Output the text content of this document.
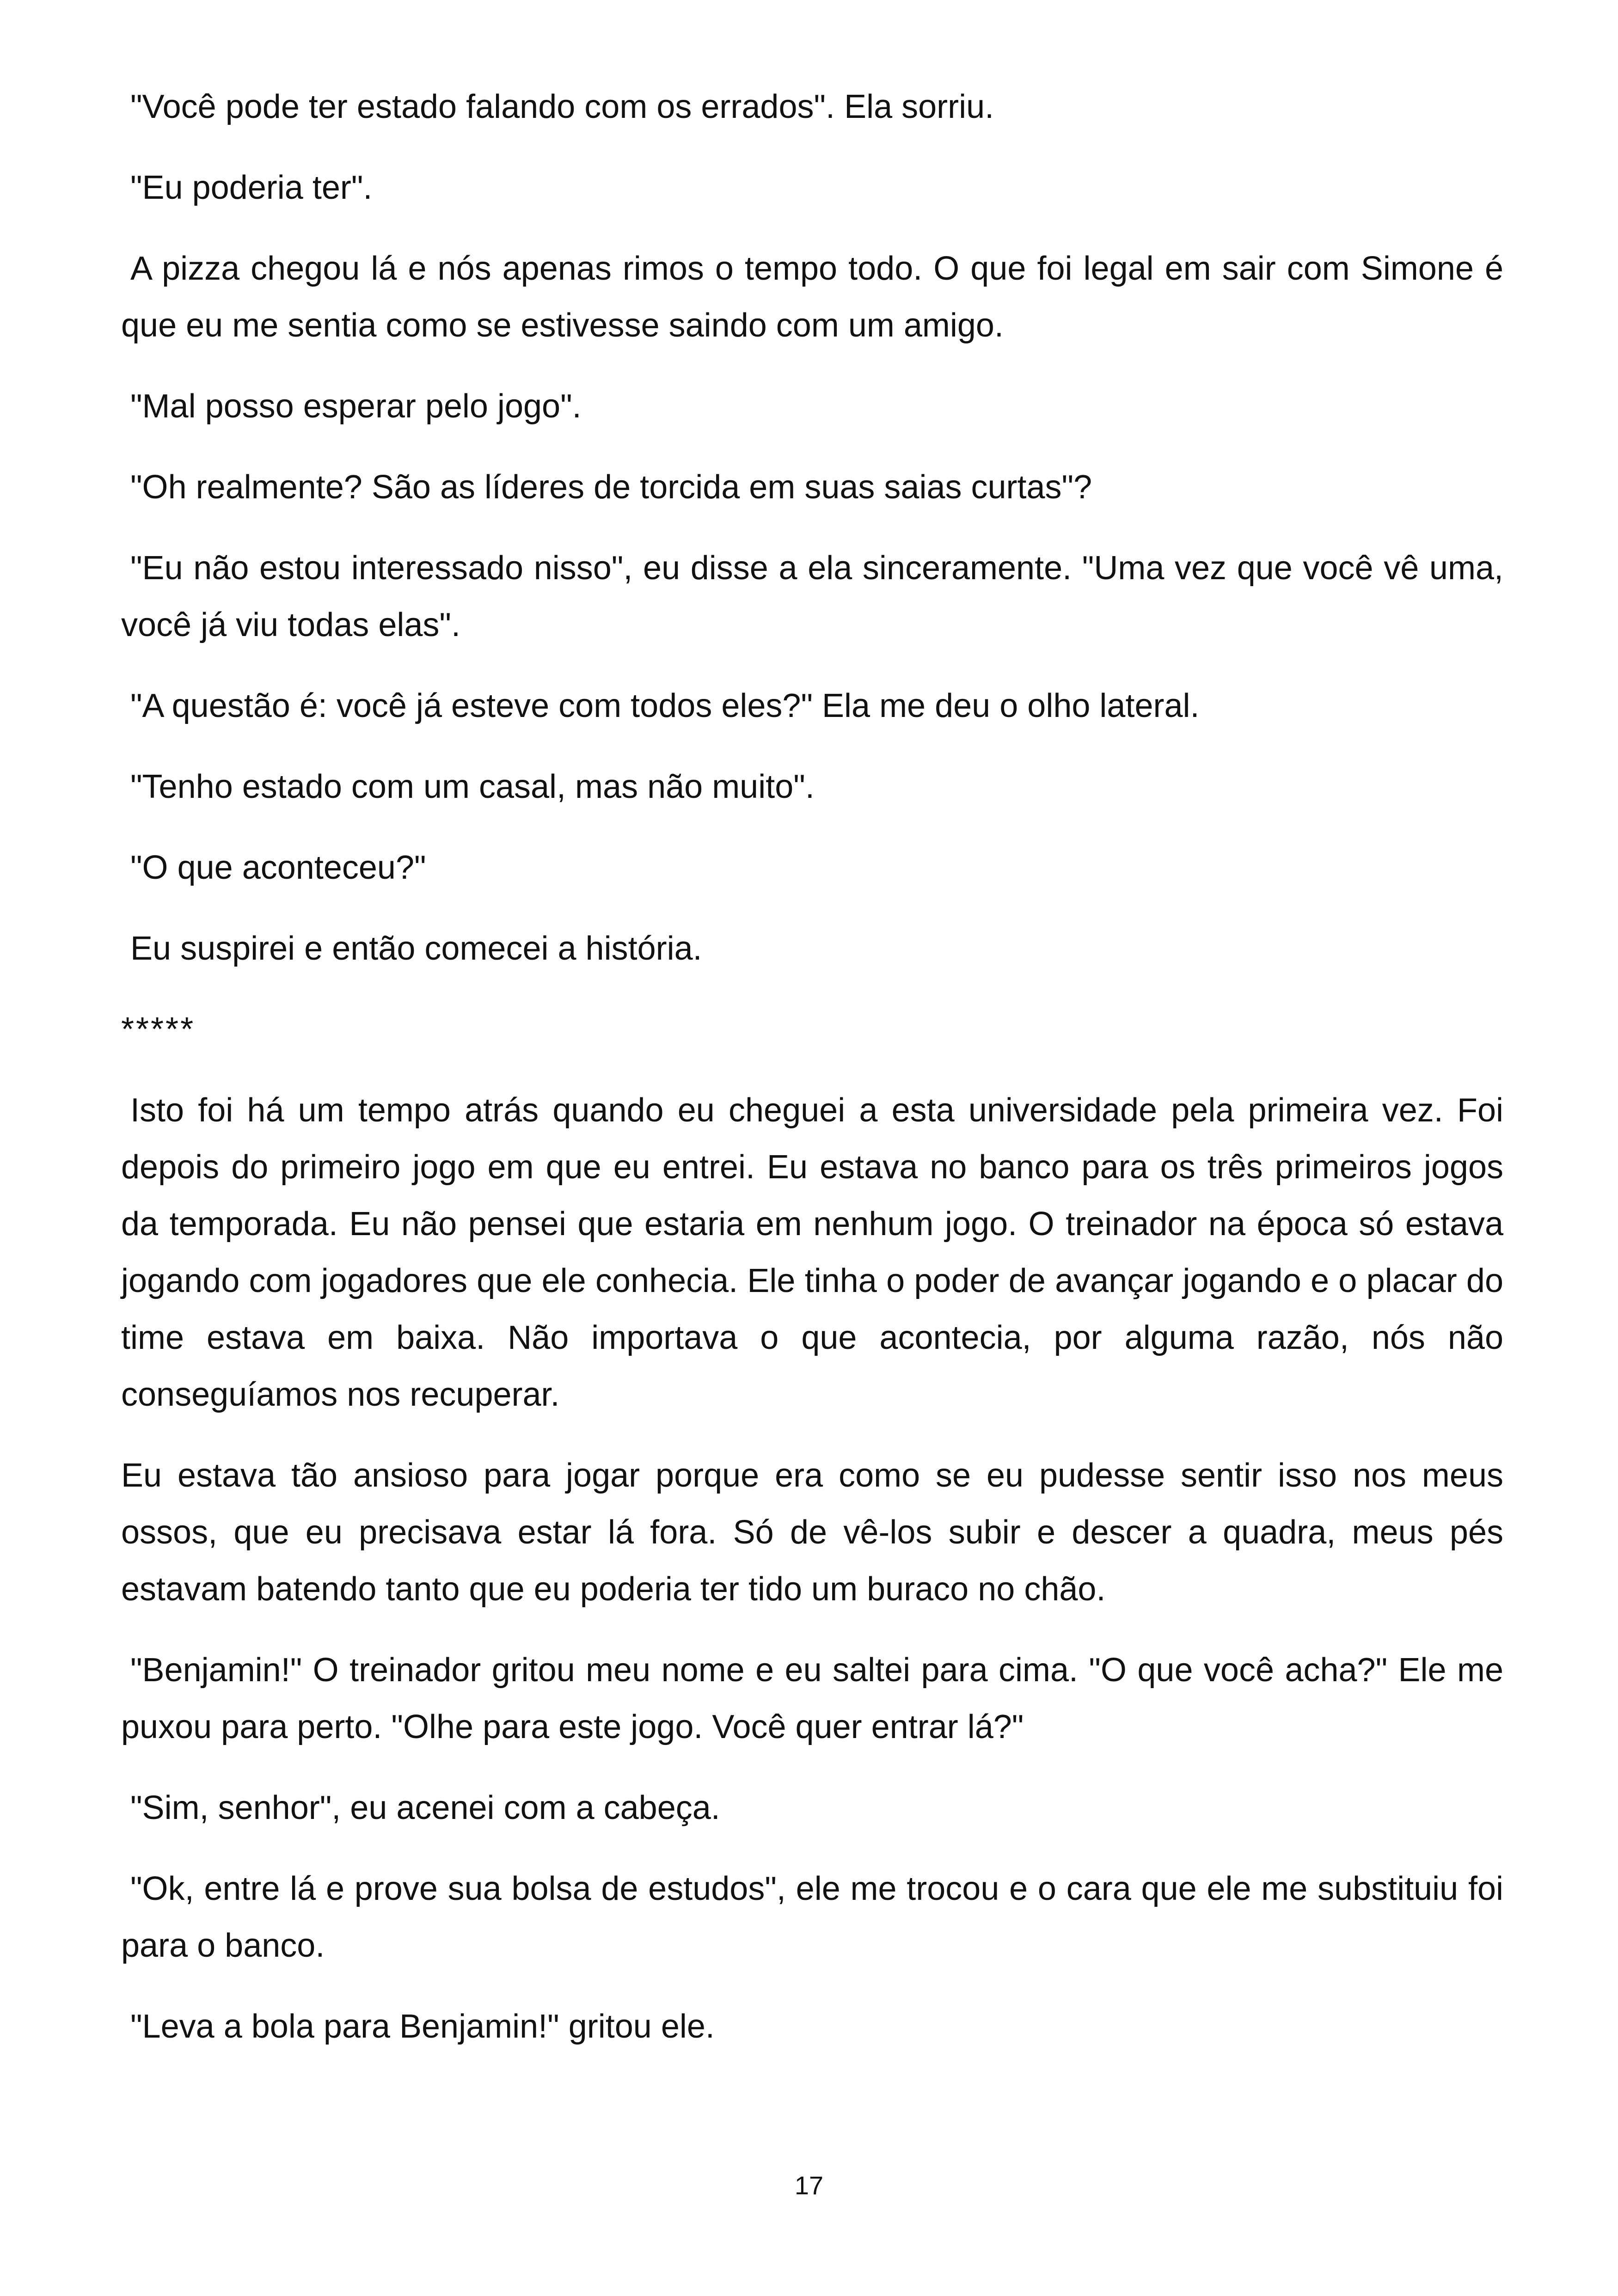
"Você pode ter estado falando com os errados". Ela sorriu.

"Eu poderia ter".

A pizza chegou lá e nós apenas rimos o tempo todo. O que foi legal em sair com Simone é que eu me sentia como se estivesse saindo com um amigo.

"Mal posso esperar pelo jogo".

"Oh realmente? São as líderes de torcida em suas saias curtas"?

"Eu não estou interessado nisso", eu disse a ela sinceramente. "Uma vez que você vê uma, você já viu todas elas".

"A questão é: você já esteve com todos eles?" Ela me deu o olho lateral.

"Tenho estado com um casal, mas não muito".

"O que aconteceu?"

Eu suspirei e então comecei a história.

*****

Isto foi há um tempo atrás quando eu cheguei a esta universidade pela primeira vez. Foi depois do primeiro jogo em que eu entrei. Eu estava no banco para os três primeiros jogos da temporada. Eu não pensei que estaria em nenhum jogo. O treinador na época só estava jogando com jogadores que ele conhecia. Ele tinha o poder de avançar jogando e o placar do time estava em baixa. Não importava o que acontecia, por alguma razão, nós não conseguíamos nos recuperar.

Eu estava tão ansioso para jogar porque era como se eu pudesse sentir isso nos meus ossos, que eu precisava estar lá fora. Só de vê-los subir e descer a quadra, meus pés estavam batendo tanto que eu poderia ter tido um buraco no chão.

"Benjamin!" O treinador gritou meu nome e eu saltei para cima. "O que você acha?" Ele me puxou para perto. "Olhe para este jogo. Você quer entrar lá?"

"Sim, senhor", eu acenei com a cabeça.

"Ok, entre lá e prove sua bolsa de estudos", ele me trocou e o cara que ele me substituiu foi para o banco.

"Leva a bola para Benjamin!" gritou ele.

17
